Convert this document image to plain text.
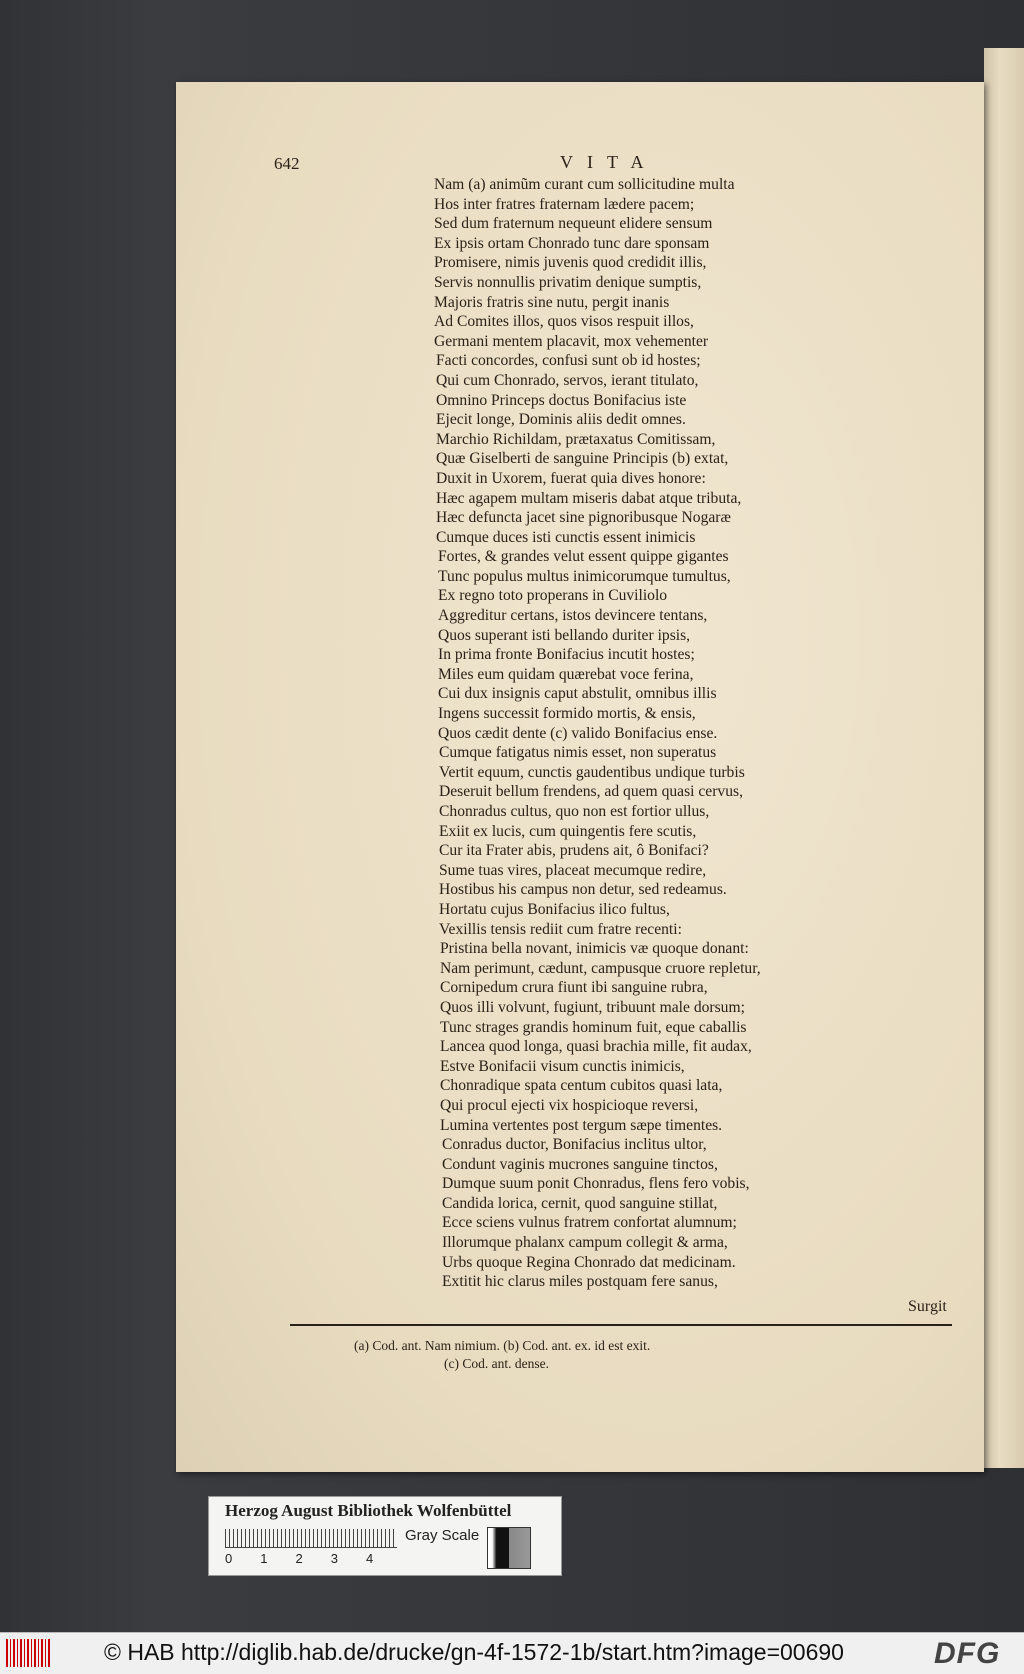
642	VITA
Nam (a) animũm curant cum sollicitudine multa
Hos inter fratres fraternam lædere pacem;
Sed dum fraternum nequeunt elidere sensum
Ex ipsis ortam Chonrado tunc dare sponsam
Promisere, nimis juvenis quod credidit illis,
Servis nonnullis privatim denique sumptis,
Majoris fratris sine nutu, pergit inanis
Ad Comites illos, quos visos respuit illos,
Germani mentem placavit, mox vehementer
Facti concordes, confusi sunt ob id hostes;
Qui cum Chonrado, servos, ierant titulato,
Omnino Princeps doctus Bonifacius iste
Ejecit longe, Dominis aliis dedit omnes.
Marchio Richildam, prætaxatus Comitissam,
Quæ Giselberti de sanguine Principis (b) extat,
Duxit in Uxorem, fuerat quia dives honore:
Hæc agapem multam miseris dabat atque tributa,
Hæc defuncta jacet sine pignoribusque Nogaræ
Cumque duces isti cunctis essent inimicis
Fortes, & grandes velut essent quippe gigantes
Tunc populus multus inimicorumque tumultus,
Ex regno toto properans in Cuviliolo
Aggreditur certans, istos devincere tentans,
Quos superant isti bellando duriter ipsis,
In prima fronte Bonifacius incutit hostes;
Miles eum quidam quærebat voce ferina,
Cui dux insignis caput abstulit, omnibus illis
Ingens successit formido mortis, & ensis,
Quos cædit dente (c) valido Bonifacius ense.
Cumque fatigatus nimis esset, non superatus
Vertit equum, cunctis gaudentibus undique turbis
Deseruit bellum frendens, ad quem quasi cervus,
Chonradus cultus, quo non est fortior ullus,
Exiit ex lucis, cum quingentis fere scutis,
Cur ita Frater abis, prudens ait, ô Bonifaci?
Sume tuas vires, placeat mecumque redire,
Hostibus his campus non detur, sed redeamus.
Hortatu cujus Bonifacius ilico fultus,
Vexillis tensis rediit cum fratre recenti:
Pristina bella novant, inimicis væ quoque donant:
Nam perimunt, cædunt, campusque cruore repletur,
Cornipedum crura fiunt ibi sanguine rubra,
Quos illi volvunt, fugiunt, tribuunt male dorsum;
Tunc strages grandis hominum fuit, eque caballis
Lancea quod longa, quasi brachia mille, fit audax,
Estve Bonifacii visum cunctis inimicis,
Chonradique spata centum cubitos quasi lata,
Qui procul ejecti vix hospicioque reversi,
Lumina vertentes post tergum sæpe timentes.
Conradus ductor, Bonifacius inclitus ultor,
Condunt vaginis mucrones sanguine tinctos,
Dumque suum ponit Chonradus, flens fero vobis,
Candida lorica, cernit, quod sanguine stillat,
Ecce sciens vulnus fratrem confortat alumnum;
Illorumque phalanx campum collegit & arma,
Urbs quoque Regina Chonrado dat medicinam.
Extitit hic clarus miles postquam fere sanus,
Surgit
(a) Cod. ant. Nam nimium. (b) Cod. ant. ex. id est exit.
(c) Cod. ant. dense.
Herzog August Bibliothek Wolfenbüttel
0 1 2 3 4
Gray Scale
© HAB http://diglib.hab.de/drucke/gn-4f-1572-1b/start.htm?image=00690	DFG
